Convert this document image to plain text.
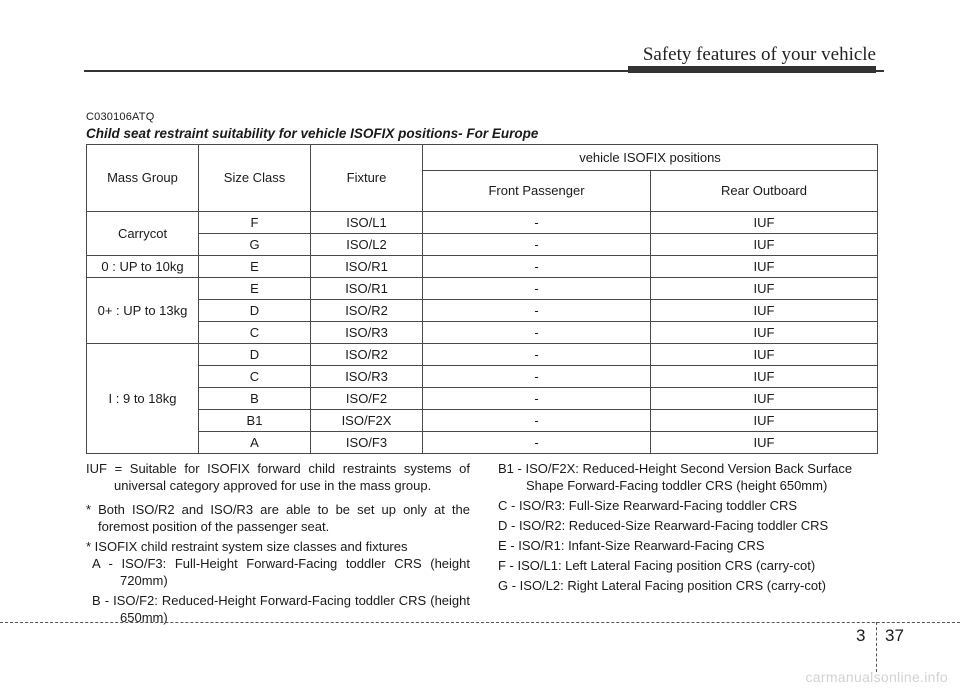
Safety features of your vehicle
C030106ATQ
Child seat restraint suitability for vehicle ISOFIX positions- For Europe
Mass Group	Size Class	Fixture	vehicle ISOFIX positions	
			Front Passenger	Rear Outboard
Carrycot	F	ISO/L1	-	IUF
	G	ISO/L2	-	IUF
0 : UP to 10kg	E	ISO/R1	-	IUF
0+ : UP to 13kg	E	ISO/R1	-	IUF
	D	ISO/R2	-	IUF
	C	ISO/R3	-	IUF
I : 9 to 18kg	D	ISO/R2	-	IUF
	C	ISO/R3	-	IUF
	B	ISO/F2	-	IUF
	B1	ISO/F2X	-	IUF
	A	ISO/F3	-	IUF

IUF = Suitable for ISOFIX forward child restraints systems of universal category approved for use in the mass group.

* Both ISO/R2 and ISO/R3 are able to be set up only at the foremost position of the passenger seat.

* ISOFIX child restraint system size classes and fixtures

A - ISO/F3: Full-Height Forward-Facing toddler CRS (height 720mm)

B - ISO/F2: Reduced-Height Forward-Facing toddler CRS (height 650mm)

B1 - ISO/F2X: Reduced-Height Second Version Back Surface Shape Forward-Facing toddler CRS (height 650mm)

C - ISO/R3: Full-Size Rearward-Facing toddler CRS

D - ISO/R2: Reduced-Size Rearward-Facing toddler CRS

E - ISO/R1: Infant-Size Rearward-Facing CRS

F - ISO/L1: Left Lateral Facing position CRS (carry-cot)

G - ISO/L2: Right Lateral Facing position CRS (carry-cot)

3 37
carmanualsonline.info
